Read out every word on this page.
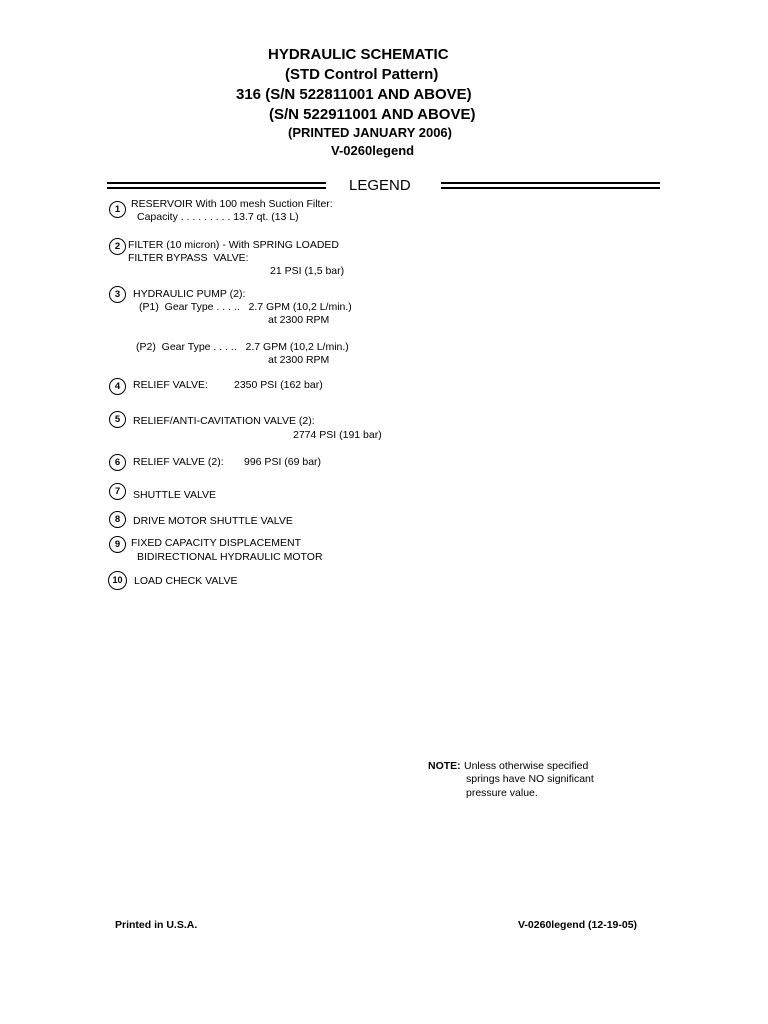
HYDRAULIC SCHEMATIC
(STD Control Pattern)
316 (S/N 522811001 AND ABOVE)
(S/N 522911001 AND ABOVE)
(PRINTED JANUARY 2006)
V-0260legend
LEGEND
1	RESERVOIR With 100 mesh Suction Filter:
Capacity . . . . . . . . . 13.7 qt. (13 L)
2 FILTER (10 micron) - With SPRING LOADED
FILTER BYPASS  VALVE:
21 PSI (1,5 bar)
3	HYDRAULIC PUMP (2):
(P1)  Gear Type . . . ..   2.7 GPM (10,2 L/min.)
at 2300 RPM
(P2)  Gear Type . . . ..   2.7 GPM (10,2 L/min.)
at 2300 RPM
4	RELIEF VALVE: 2350 PSI (162 bar)
5	RELIEF/ANTI-CAVITATION VALVE (2):
2774 PSI (191 bar)
6	RELIEF VALVE (2): 996 PSI (69 bar)
7	SHUTTLE VALVE
8	DRIVE MOTOR SHUTTLE VALVE
9	FIXED CAPACITY DISPLACEMENT
BIDIRECTIONAL HYDRAULIC MOTOR
10	LOAD CHECK VALVE
NOTE: Unless otherwise specified
springs have NO significant
pressure value.
Printed in U.S.A.	V-0260legend (12-19-05)
